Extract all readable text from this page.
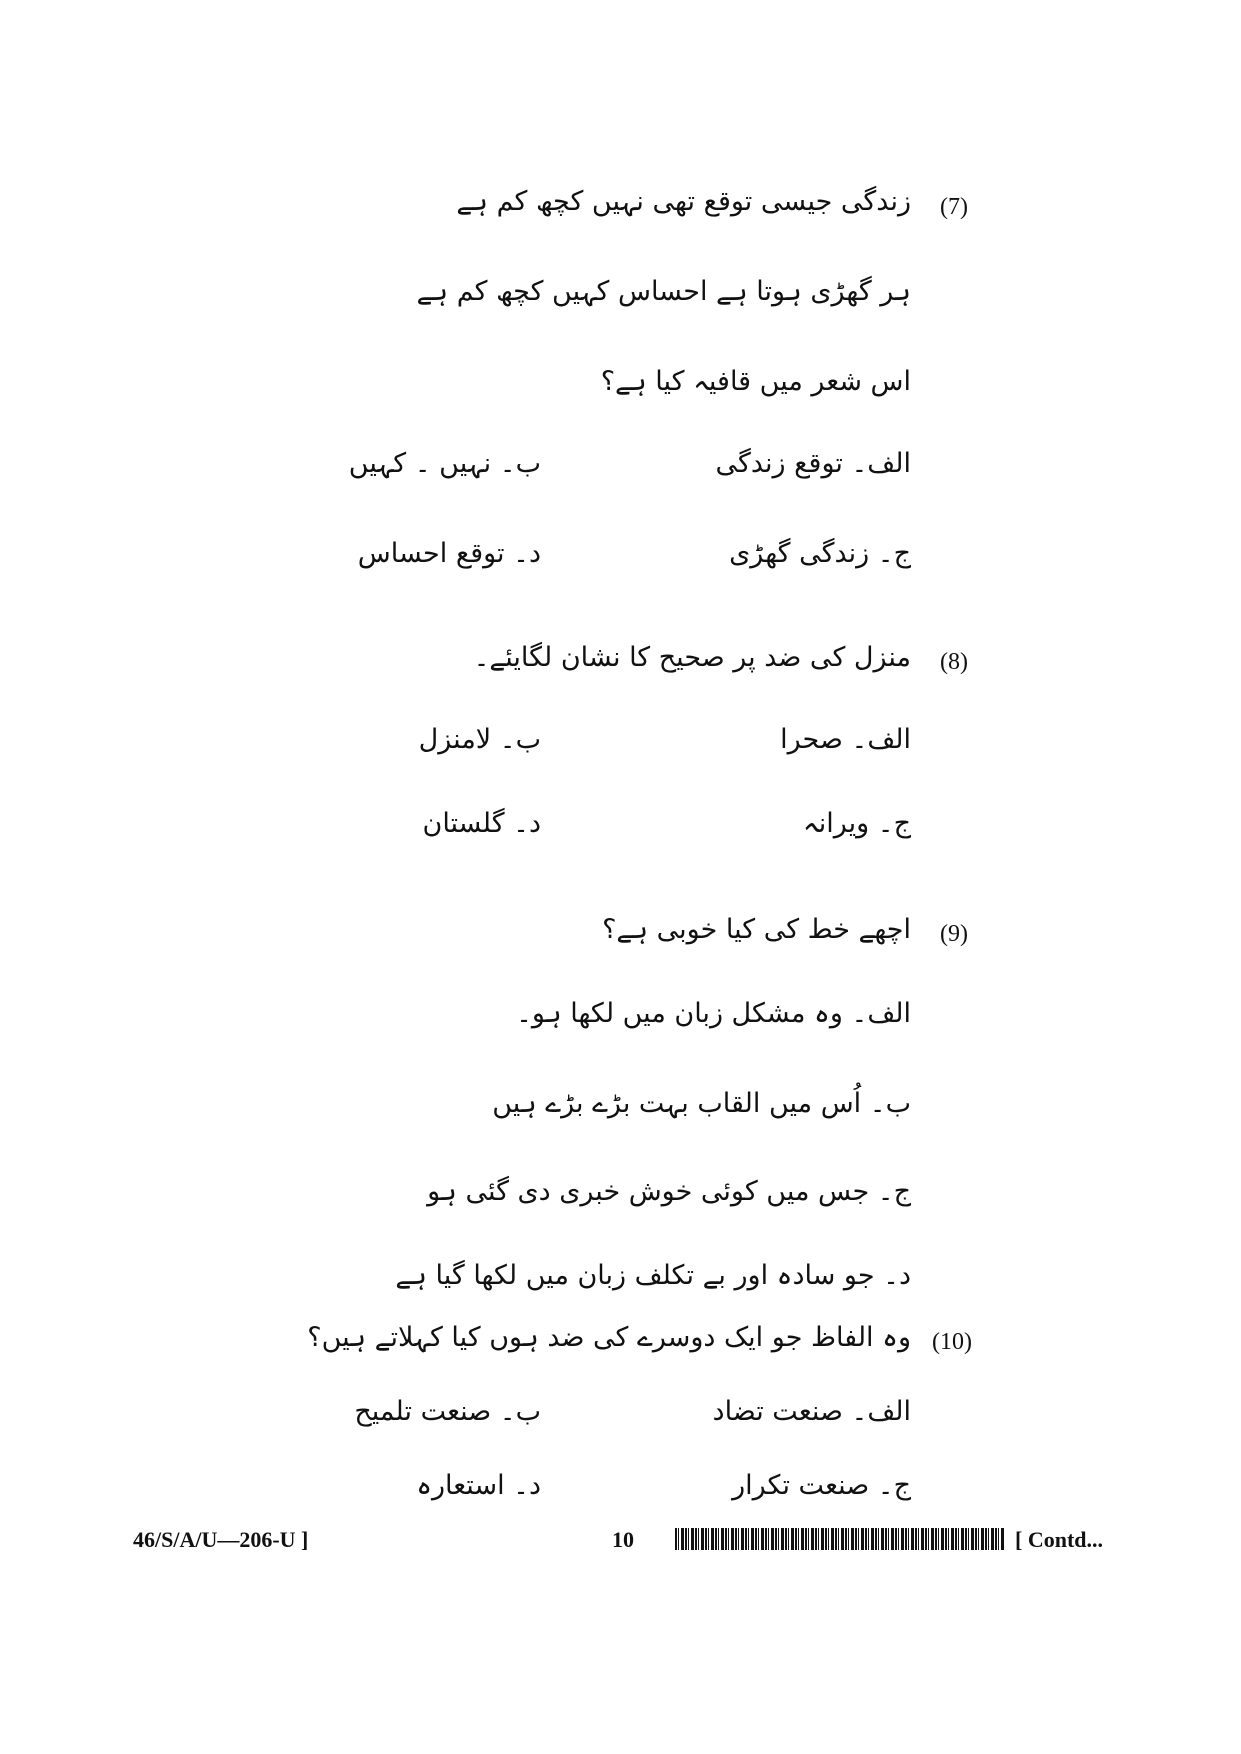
(7)
زندگی جیسی توقع تھی نہیں کچھ کم ہے
ہر گھڑی ہوتا ہے احساس کہیں کچھ کم ہے
اس شعر میں قافیہ کیا ہے؟
الف۔ توقع زندگی
ب۔ نہیں ۔ کہیں
ج۔ زندگی گھڑی
د۔ توقع احساس
(8)
منزل کی ضد پر صحیح کا نشان لگایئے۔
الف۔ صحرا
ب۔ لامنزل
ج۔ ویرانہ
د۔ گلستان
(9)
اچھے خط کی کیا خوبی ہے؟
الف۔ وہ مشکل زبان میں لکھا ہو۔
ب۔ اُس میں القاب بہت بڑے بڑے ہیں
ج۔ جس میں کوئی خوش خبری دی گئی ہو
د۔ جو سادہ اور بے تکلف زبان میں لکھا گیا ہے
(10)
وہ الفاظ جو ایک دوسرے کی ضد ہوں کیا کہلاتے ہیں؟
الف۔ صنعت تضاد
ب۔ صنعت تلمیح
ج۔ صنعت تکرار
د۔ استعارہ
46/S/A/U—206-U ]	10	[ Contd...
